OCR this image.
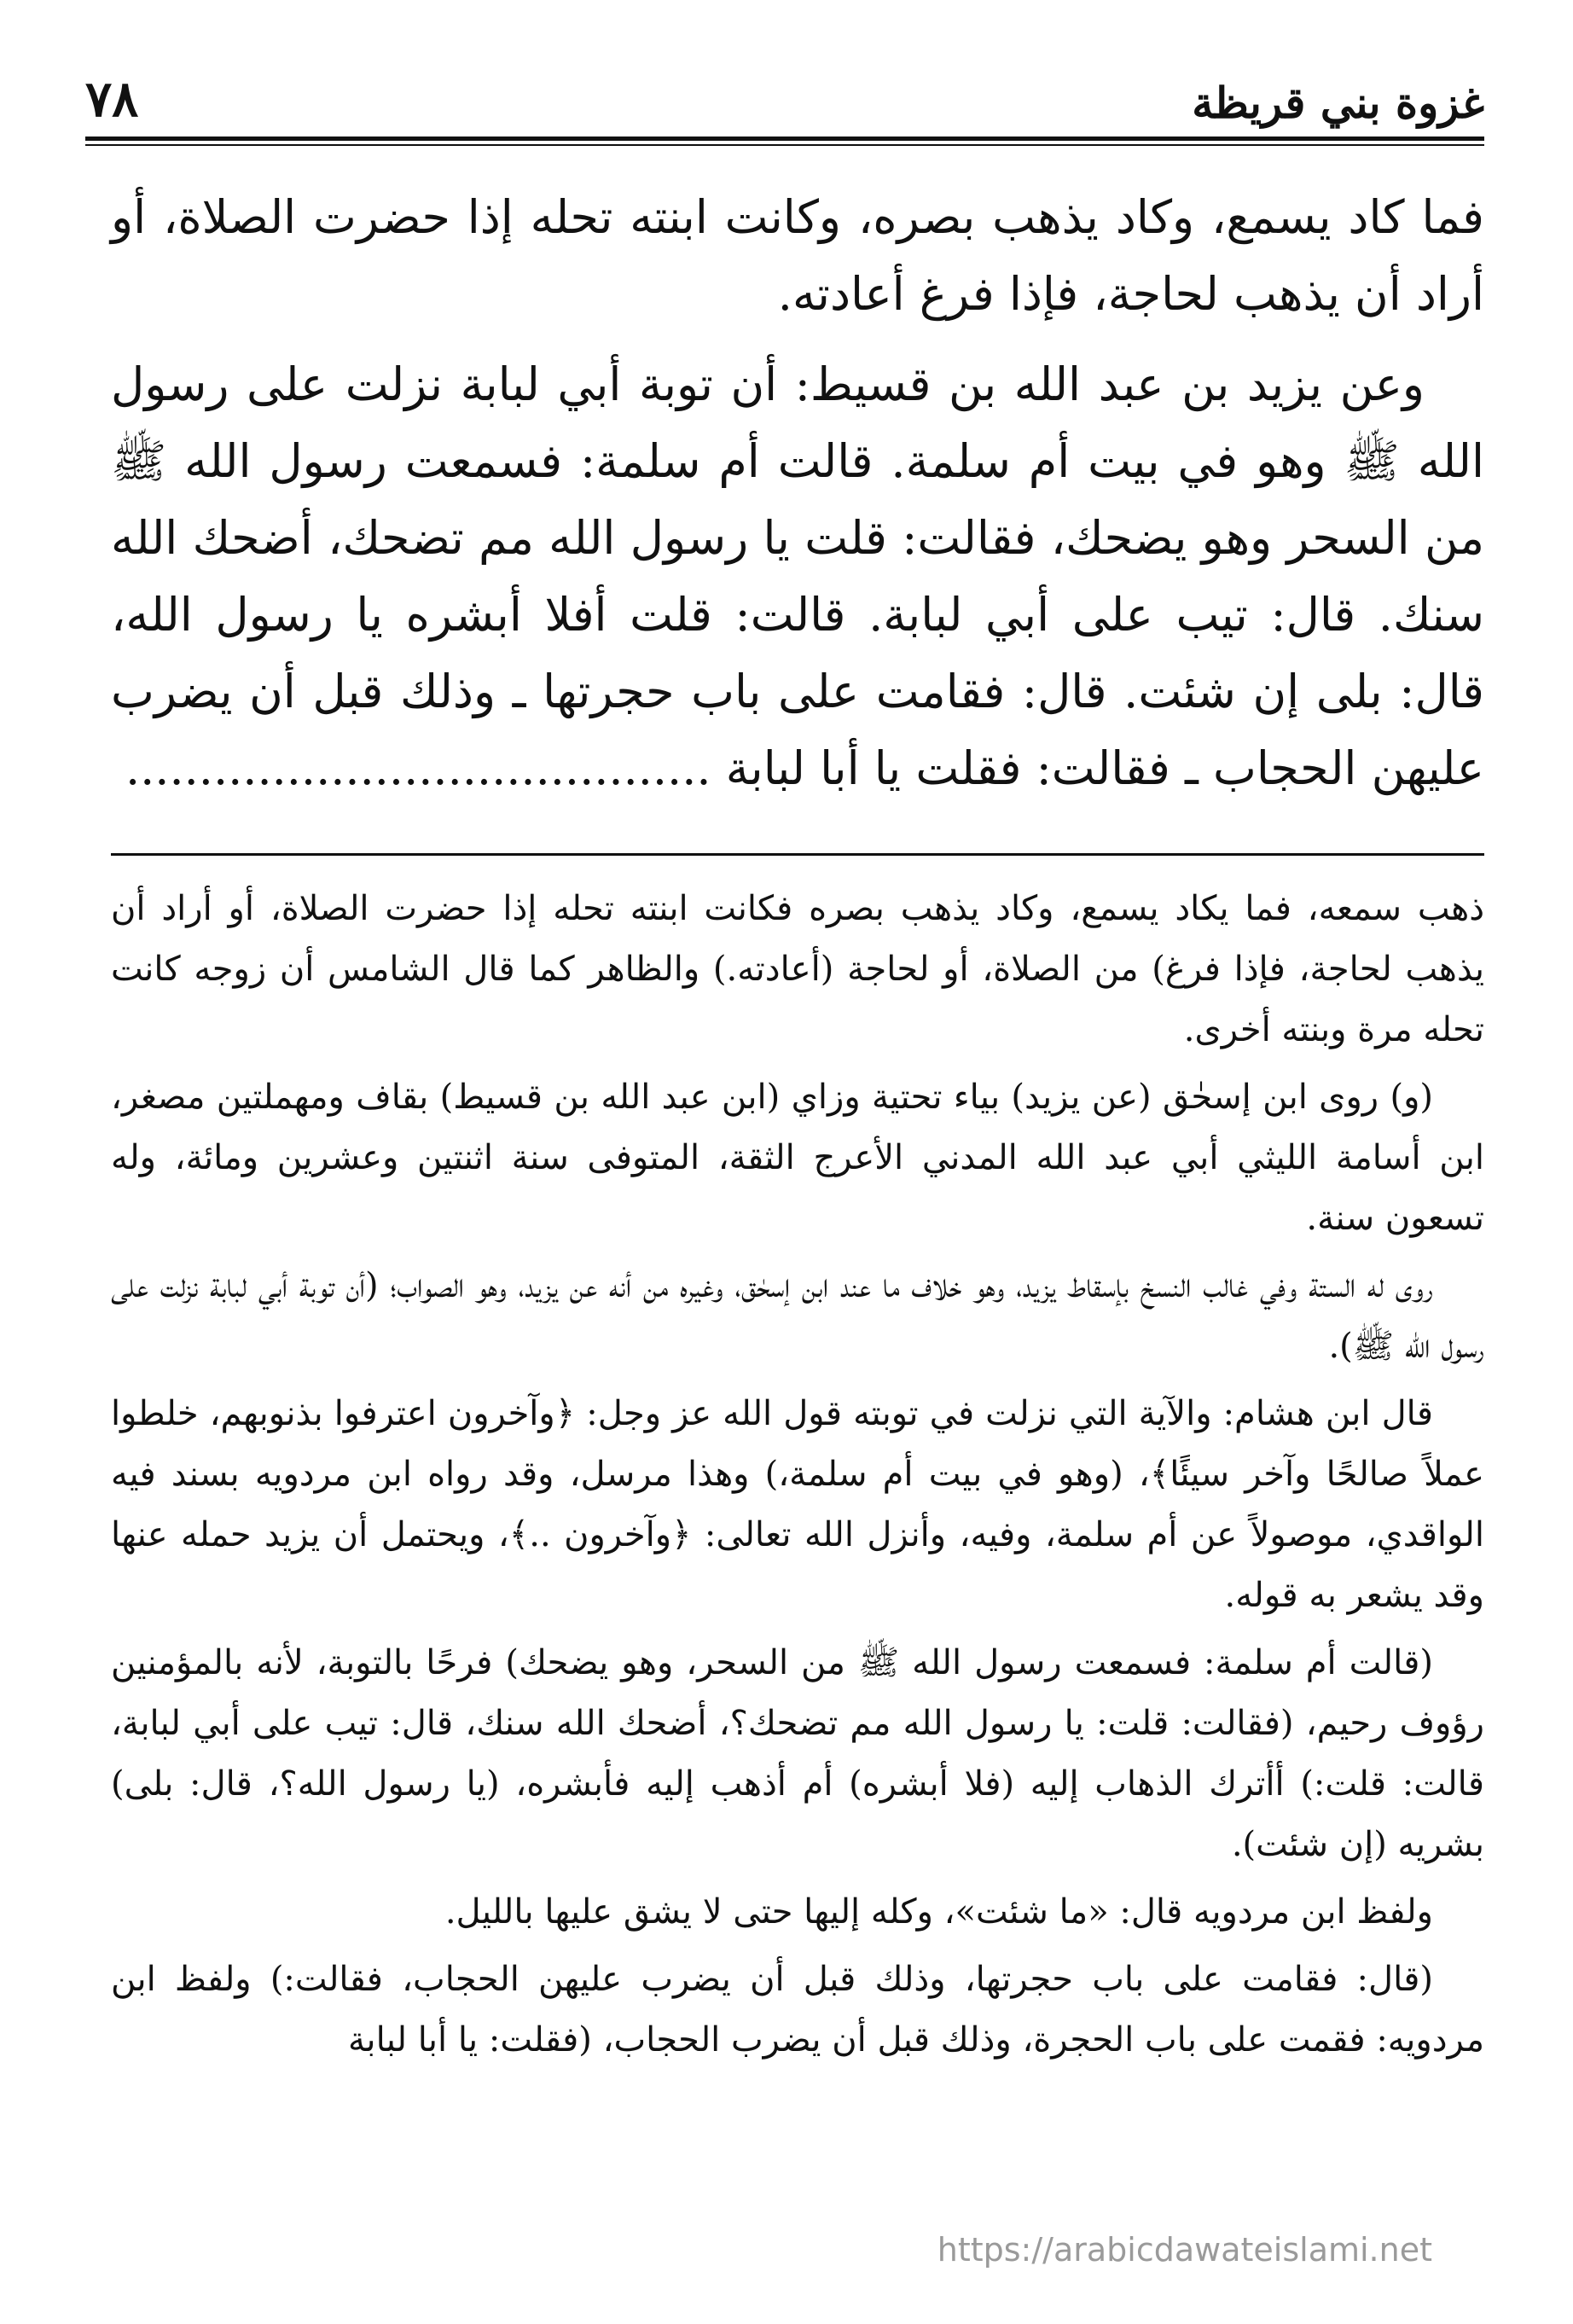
غزوة بني قريظة
٧٨

فما كاد يسمع، وكاد يذهب بصره، وكانت ابنته تحله إذا حضرت الصلاة، أو أراد أن يذهب لحاجة، فإذا فرغ أعادته.

وعن يزيد بن عبد الله بن قسيط: أن توبة أبي لبابة نزلت على رسول الله ﷺ وهو في بيت أم سلمة. قالت أم سلمة: فسمعت رسول الله ﷺ من السحر وهو يضحك، فقالت: قلت يا رسول الله مم تضحك، أضحك الله سنك. قال: تيب على أبي لبابة. قالت: قلت أفلا أبشره يا رسول الله، قال: بلى إن شئت. قال: فقامت على باب حجرتها ـ وذلك قبل أن يضرب عليهن الحجاب ـ فقالت: فقلت يا أبا لبابة ........................................

ذهب سمعه، فما يكاد يسمع، وكاد يذهب بصره فكانت ابنته تحله إذا حضرت الصلاة، أو أراد أن يذهب لحاجة، فإذا فرغ) من الصلاة، أو لحاجة (أعادته.) والظاهر كما قال الشامس أن زوجه كانت تحله مرة وبنته أخرى.

(و) روى ابن إسحٰق (عن يزيد) بياء تحتية وزاي (ابن عبد الله بن قسيط) بقاف ومهملتين مصغر، ابن أسامة الليثي أبي عبد الله المدني الأعرج الثقة، المتوفى سنة اثنتين وعشرين ومائة، وله تسعون سنة.

روى له الستة وفي غالب النسخ بإسقاط يزيد، وهو خلاف ما عند ابن إسحٰق، وغيره من أنه عن يزيد، وهو الصواب؛ (أن توبة أبي لبابة نزلت على رسول الله ﷺ).

قال ابن هشام: والآية التي نزلت في توبته قول الله عز وجل: ﴿وآخرون اعترفوا بذنوبهم، خلطوا عملاً صالحًا وآخر سيئًا﴾، (وهو في بيت أم سلمة،) وهذا مرسل، وقد رواه ابن مردويه بسند فيه الواقدي، موصولاً عن أم سلمة، وفيه، وأنزل الله تعالى: ﴿وآخرون ..﴾، ويحتمل أن يزيد حمله عنها وقد يشعر به قوله.

(قالت أم سلمة: فسمعت رسول الله ﷺ من السحر، وهو يضحك) فرحًا بالتوبة، لأنه بالمؤمنين رؤوف رحيم، (فقالت: قلت: يا رسول الله مم تضحك؟، أضحك الله سنك، قال: تيب على أبي لبابة، قالت: قلت:) أأترك الذهاب إليه (فلا أبشره) أم أذهب إليه فأبشره، (يا رسول الله؟، قال: بلى) بشريه (إن شئت).

ولفظ ابن مردويه قال: «ما شئت»، وكله إليها حتى لا يشق عليها بالليل.

(قال: فقامت على باب حجرتها، وذلك قبل أن يضرب عليهن الحجاب، فقالت:) ولفظ ابن مردويه: فقمت على باب الحجرة، وذلك قبل أن يضرب الحجاب، (فقلت: يا أبا لبابة

https://arabicdawateislami.net
